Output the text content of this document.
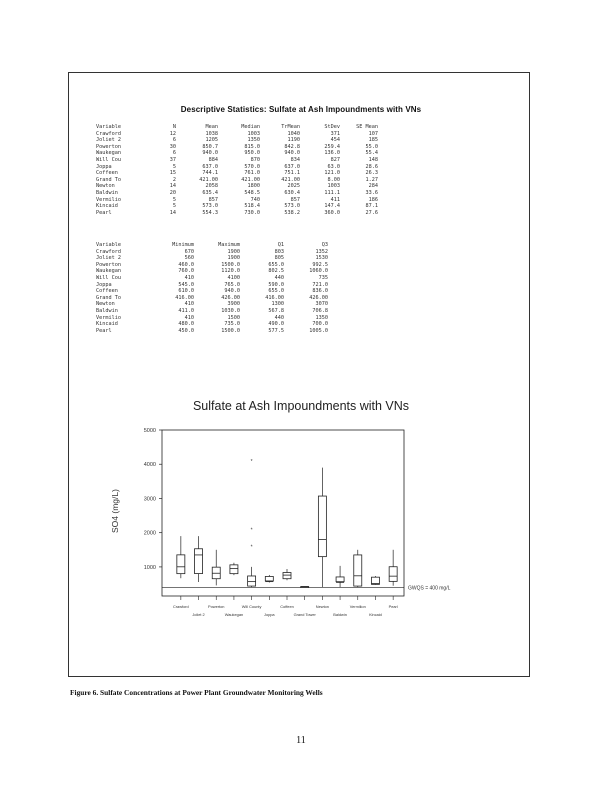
Descriptive Statistics: Sulfate at Ash Impoundments with VNs
Variable	N	Mean	Median	TrMean	StDev	SE Mean
Crawford	12	1038	1003	1040	371	107
Joliet 2	6	1205	1350	1190	454	185
Powerton	30	850.7	815.0	842.8	259.4	55.0
Waukegan	6	940.0	950.0	940.0	136.0	55.4
Will Cou	37	884	870	834	827	148
Joppa	5	637.0	570.0	637.0	63.0	28.6
Coffeen	15	744.1	761.0	751.1	121.0	26.3
Grand To	2	421.00	421.00	421.00	8.00	1.27
Newton	14	2058	1800	2025	1003	284
Baldwin	20	635.4	548.5	630.4	111.1	33.6
Vermilio	5	857	740	857	411	186
Kincaid	5	573.0	518.4	573.0	147.4	87.1
Pearl	14	554.3	730.0	538.2	360.0	27.6
Variable	Minimum	Maximum	Q1	Q3
Crawford	670	1900	803	1352
Joliet 2	560	1900	805	1530
Powerton	460.0	1500.0	655.0	992.5
Waukegan	760.0	1120.0	802.5	1060.0
Will Cou	410	4100	440	735
Joppa	545.0	765.0	590.0	721.0
Coffeen	610.0	940.0	655.0	836.0
Grand To	416.00	426.00	416.00	426.00
Newton	410	3900	1300	3070
Baldwin	411.0	1030.0	567.8	706.8
Vermilio	410	1500	440	1350
Kincaid	480.0	735.0	490.0	700.0
Pearl	450.0	1500.0	577.5	1005.0
Sulfate at Ash Impoundments with VNs
SO4 (mg/L)
1000
2000
3000
4000
5000
GWQS = 400 mg/L
Crawford
Joliet 2
Powerton
Waukegan
*
*
*
Will County
Joppa
Coffeen
Grand Tower
Newton
Baldwin
Vermilion
Kincaid
Pearl
Figure 6. Sulfate Concentrations at Power Plant Groundwater Monitoring Wells
11
